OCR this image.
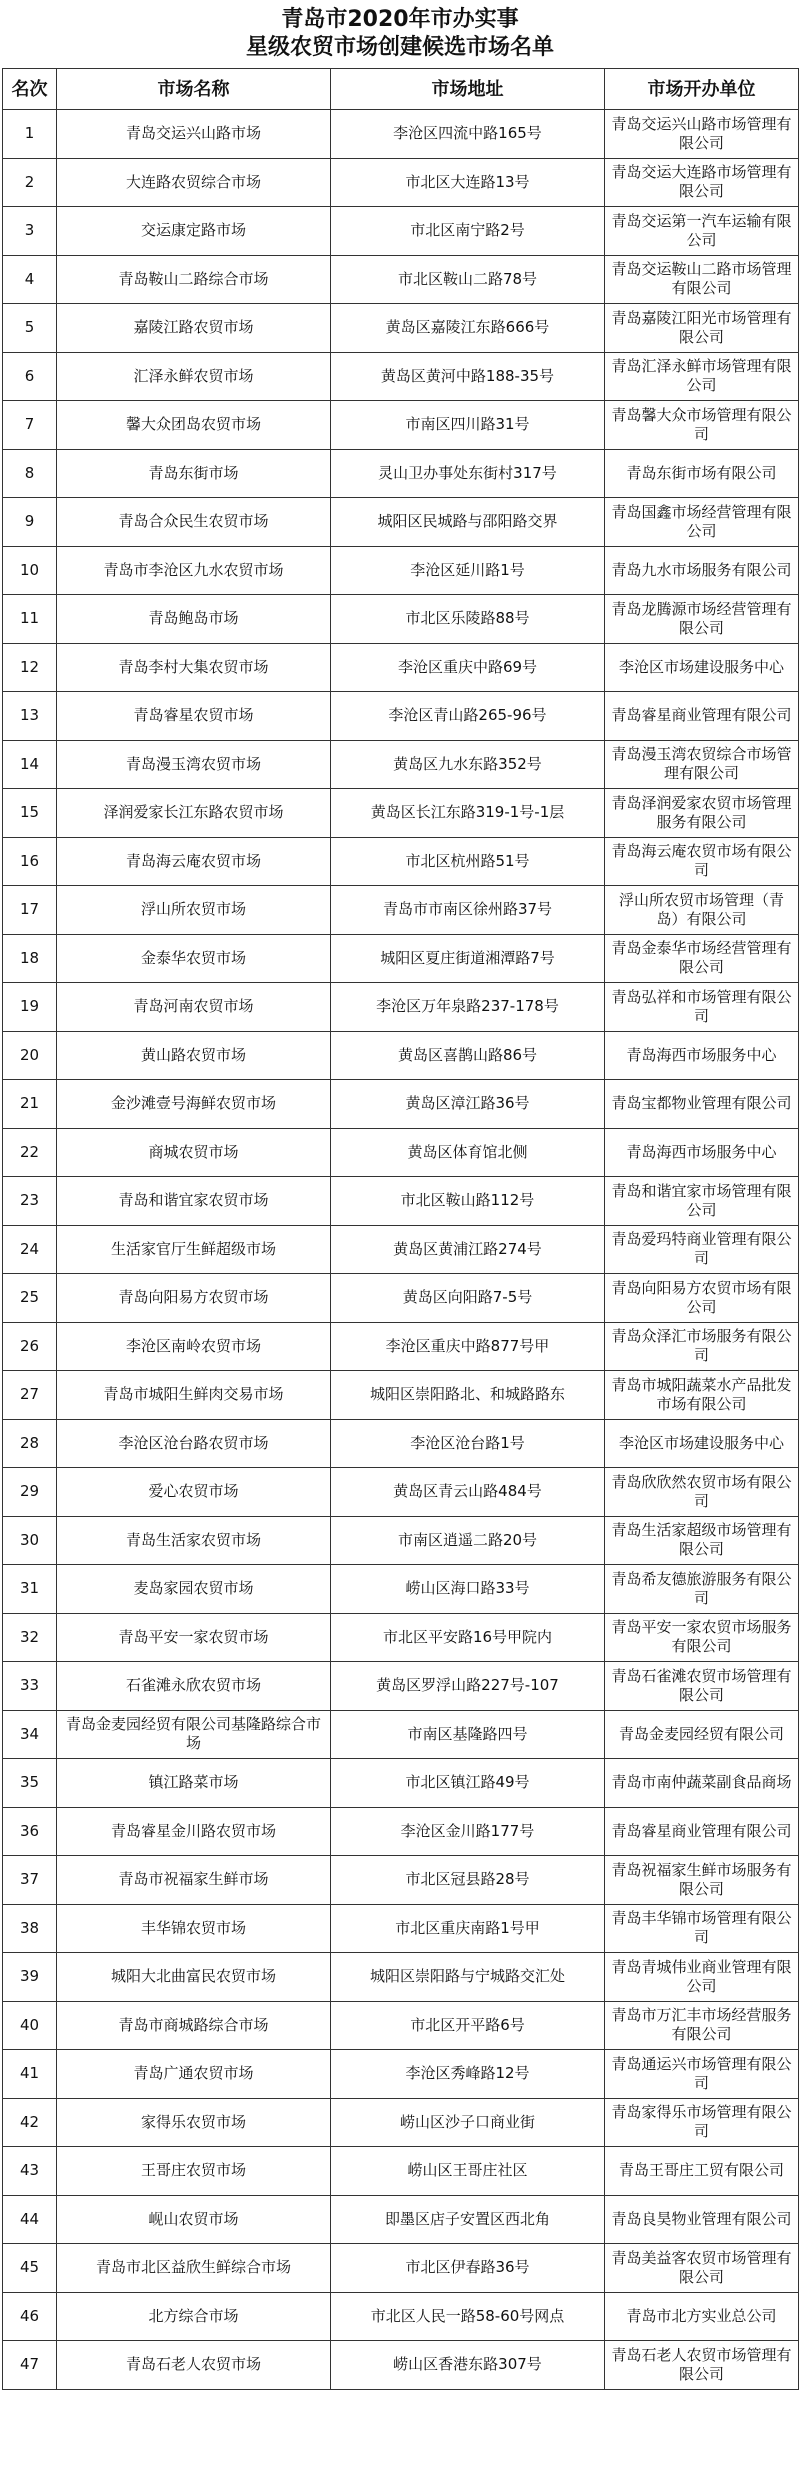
青岛市2020年市办实事
星级农贸市场创建候选市场名单
名次	市场名称	市场地址	市场开办单位
1	青岛交运兴山路市场	李沧区四流中路165号	青岛交运兴山路市场管理有限公司
2	大连路农贸综合市场	市北区大连路13号	青岛交运大连路市场管理有限公司
3	交运康定路市场	市北区南宁路2号	青岛交运第一汽车运输有限公司
4	青岛鞍山二路综合市场	市北区鞍山二路78号	青岛交运鞍山二路市场管理有限公司
5	嘉陵江路农贸市场	黄岛区嘉陵江东路666号	青岛嘉陵江阳光市场管理有限公司
6	汇泽永鲜农贸市场	黄岛区黄河中路188-35号	青岛汇泽永鲜市场管理有限公司
7	馨大众团岛农贸市场	市南区四川路31号	青岛馨大众市场管理有限公司
8	青岛东街市场	灵山卫办事处东街村317号	青岛东街市场有限公司
9	青岛合众民生农贸市场	城阳区民城路与邵阳路交界	青岛国鑫市场经营管理有限公司
10	青岛市李沧区九水农贸市场	李沧区延川路1号	青岛九水市场服务有限公司
11	青岛鲍岛市场	市北区乐陵路88号	青岛龙腾源市场经营管理有限公司
12	青岛李村大集农贸市场	李沧区重庆中路69号	李沧区市场建设服务中心
13	青岛睿星农贸市场	李沧区青山路265-96号	青岛睿星商业管理有限公司
14	青岛漫玉湾农贸市场	黄岛区九水东路352号	青岛漫玉湾农贸综合市场管理有限公司
15	泽润爱家长江东路农贸市场	黄岛区长江东路319-1号-1层	青岛泽润爱家农贸市场管理服务有限公司
16	青岛海云庵农贸市场	市北区杭州路51号	青岛海云庵农贸市场有限公司
17	浮山所农贸市场	青岛市市南区徐州路37号	浮山所农贸市场管理（青岛）有限公司
18	金泰华农贸市场	城阳区夏庄街道湘潭路7号	青岛金泰华市场经营管理有限公司
19	青岛河南农贸市场	李沧区万年泉路237-178号	青岛弘祥和市场管理有限公司
20	黄山路农贸市场	黄岛区喜鹊山路86号	青岛海西市场服务中心
21	金沙滩壹号海鲜农贸市场	黄岛区漳江路36号	青岛宝都物业管理有限公司
22	商城农贸市场	黄岛区体育馆北侧	青岛海西市场服务中心
23	青岛和谐宜家农贸市场	市北区鞍山路112号	青岛和谐宜家市场管理有限公司
24	生活家官厅生鲜超级市场	黄岛区黄浦江路274号	青岛爱玛特商业管理有限公司
25	青岛向阳易方农贸市场	黄岛区向阳路7-5号	青岛向阳易方农贸市场有限公司
26	李沧区南岭农贸市场	李沧区重庆中路877号甲	青岛众泽汇市场服务有限公司
27	青岛市城阳生鲜肉交易市场	城阳区崇阳路北、和城路路东	青岛市城阳蔬菜水产品批发市场有限公司
28	李沧区沧台路农贸市场	李沧区沧台路1号	李沧区市场建设服务中心
29	爱心农贸市场	黄岛区青云山路484号	青岛欣欣然农贸市场有限公司
30	青岛生活家农贸市场	市南区逍遥二路20号	青岛生活家超级市场管理有限公司
31	麦岛家园农贸市场	崂山区海口路33号	青岛希友德旅游服务有限公司
32	青岛平安一家农贸市场	市北区平安路16号甲院内	青岛平安一家农贸市场服务有限公司
33	石雀滩永欣农贸市场	黄岛区罗浮山路227号-107	青岛石雀滩农贸市场管理有限公司
34	青岛金麦园经贸有限公司基隆路综合市场	市南区基隆路四号	青岛金麦园经贸有限公司
35	镇江路菜市场	市北区镇江路49号	青岛市南仲蔬菜副食品商场
36	青岛睿星金川路农贸市场	李沧区金川路177号	青岛睿星商业管理有限公司
37	青岛市祝福家生鲜市场	市北区冠县路28号	青岛祝福家生鲜市场服务有限公司
38	丰华锦农贸市场	市北区重庆南路1号甲	青岛丰华锦市场管理有限公司
39	城阳大北曲富民农贸市场	城阳区崇阳路与宁城路交汇处	青岛青城伟业商业管理有限公司
40	青岛市商城路综合市场	市北区开平路6号	青岛市万汇丰市场经营服务有限公司
41	青岛广通农贸市场	李沧区秀峰路12号	青岛通运兴市场管理有限公司
42	家得乐农贸市场	崂山区沙子口商业街	青岛家得乐市场管理有限公司
43	王哥庄农贸市场	崂山区王哥庄社区	青岛王哥庄工贸有限公司
44	岘山农贸市场	即墨区店子安置区西北角	青岛良昊物业管理有限公司
45	青岛市北区益欣生鲜综合市场	市北区伊春路36号	青岛美益客农贸市场管理有限公司
46	北方综合市场	市北区人民一路58-60号网点	青岛市北方实业总公司
47	青岛石老人农贸市场	崂山区香港东路307号	青岛石老人农贸市场管理有限公司
